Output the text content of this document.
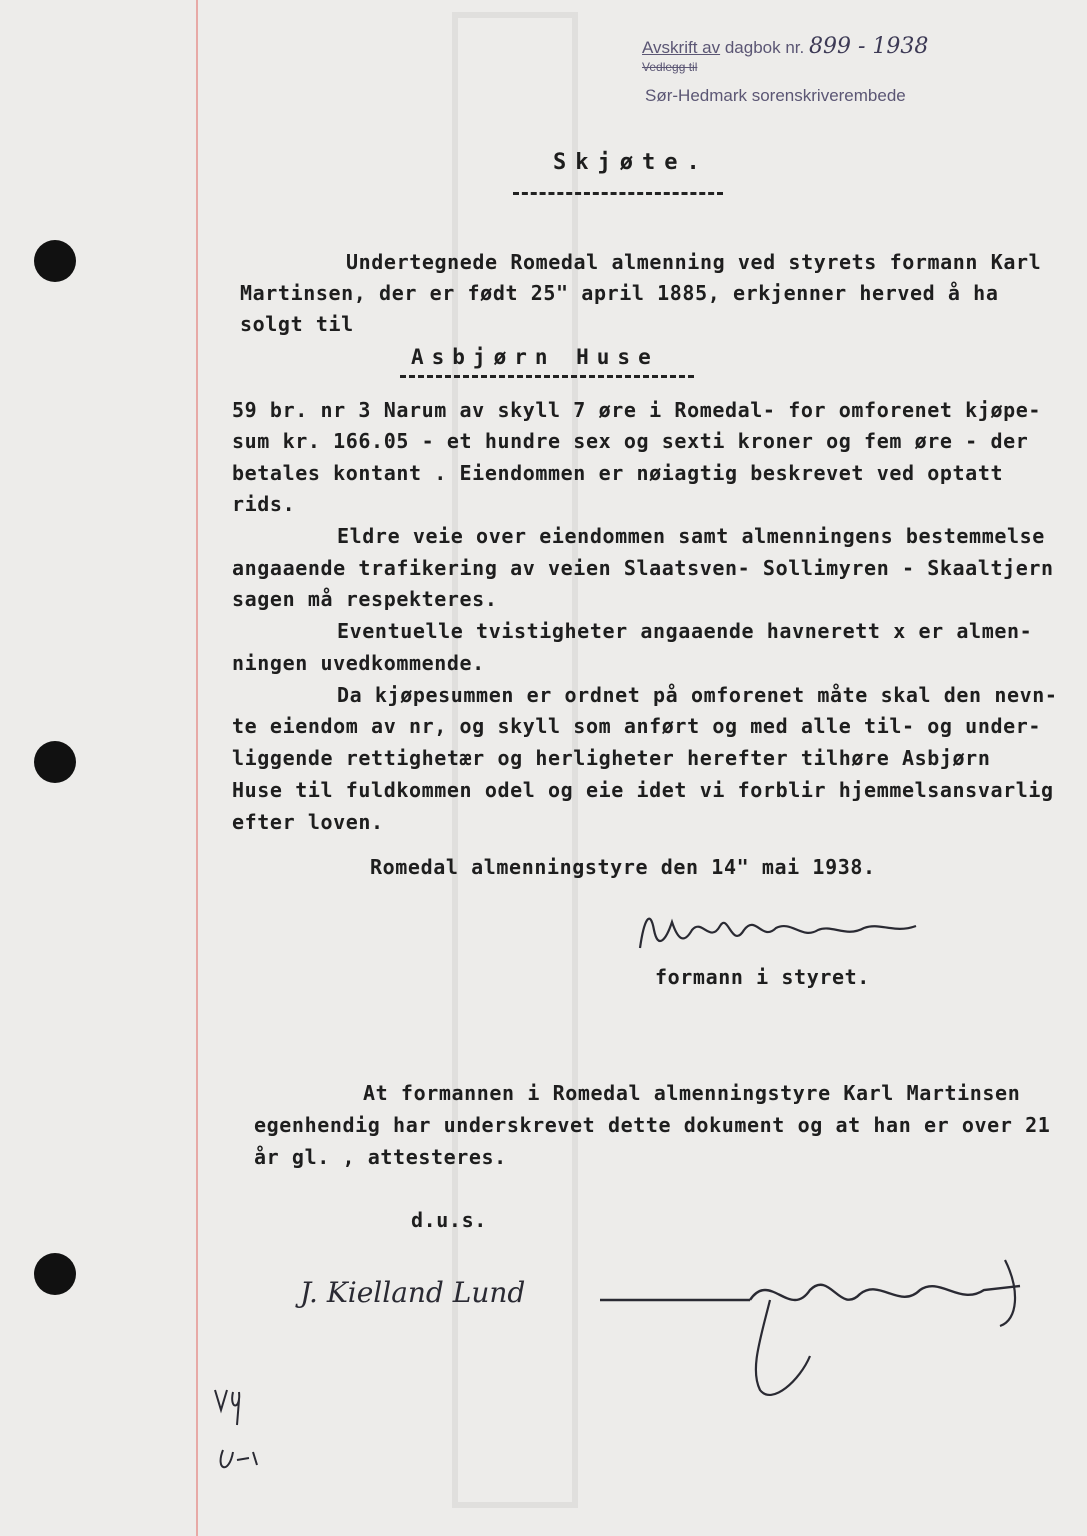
Avskrift av dagbok nr. 899 - 1938
Vedlegg til
Sør-Hedmark sorenskriverembede
Skjøte.
Undertegnede Romedal almenning ved styrets formann Karl
Martinsen, der er født 25" april 1885, erkjenner herved å ha
solgt til
Asbjørn Huse
59 br. nr 3 Narum av skyll 7 øre i Romedal- for omforenet kjøpe-
sum kr. 166.05 - et hundre sex og sexti kroner og fem øre - der
betales kontant . Eiendommen er nøiagtig beskrevet ved optatt
rids.
Eldre veie over eiendommen samt almenningens bestemmelse
angaaende trafikering av veien Slaatsven- Sollimyren - Skaaltjern
sagen må respekteres.
Eventuelle tvistigheter angaaende havnerett x er almen-
ningen uvedkommende.
Da kjøpesummen er ordnet på omforenet måte skal den nevn-
te eiendom av nr, og skyll som anført og med alle til- og under-
liggende rettighetær og herligheter herefter tilhøre Asbjørn
Huse til fuldkommen odel og eie idet vi forblir hjemmelsansvarlig
efter loven.
Romedal almenningstyre den 14" mai 1938.
formann i styret.
At formannen i Romedal almenningstyre Karl Martinsen
egenhendig har underskrevet dette dokument og at han er over 21
år gl. , attesteres.
d.u.s.
J. Kielland Lund
